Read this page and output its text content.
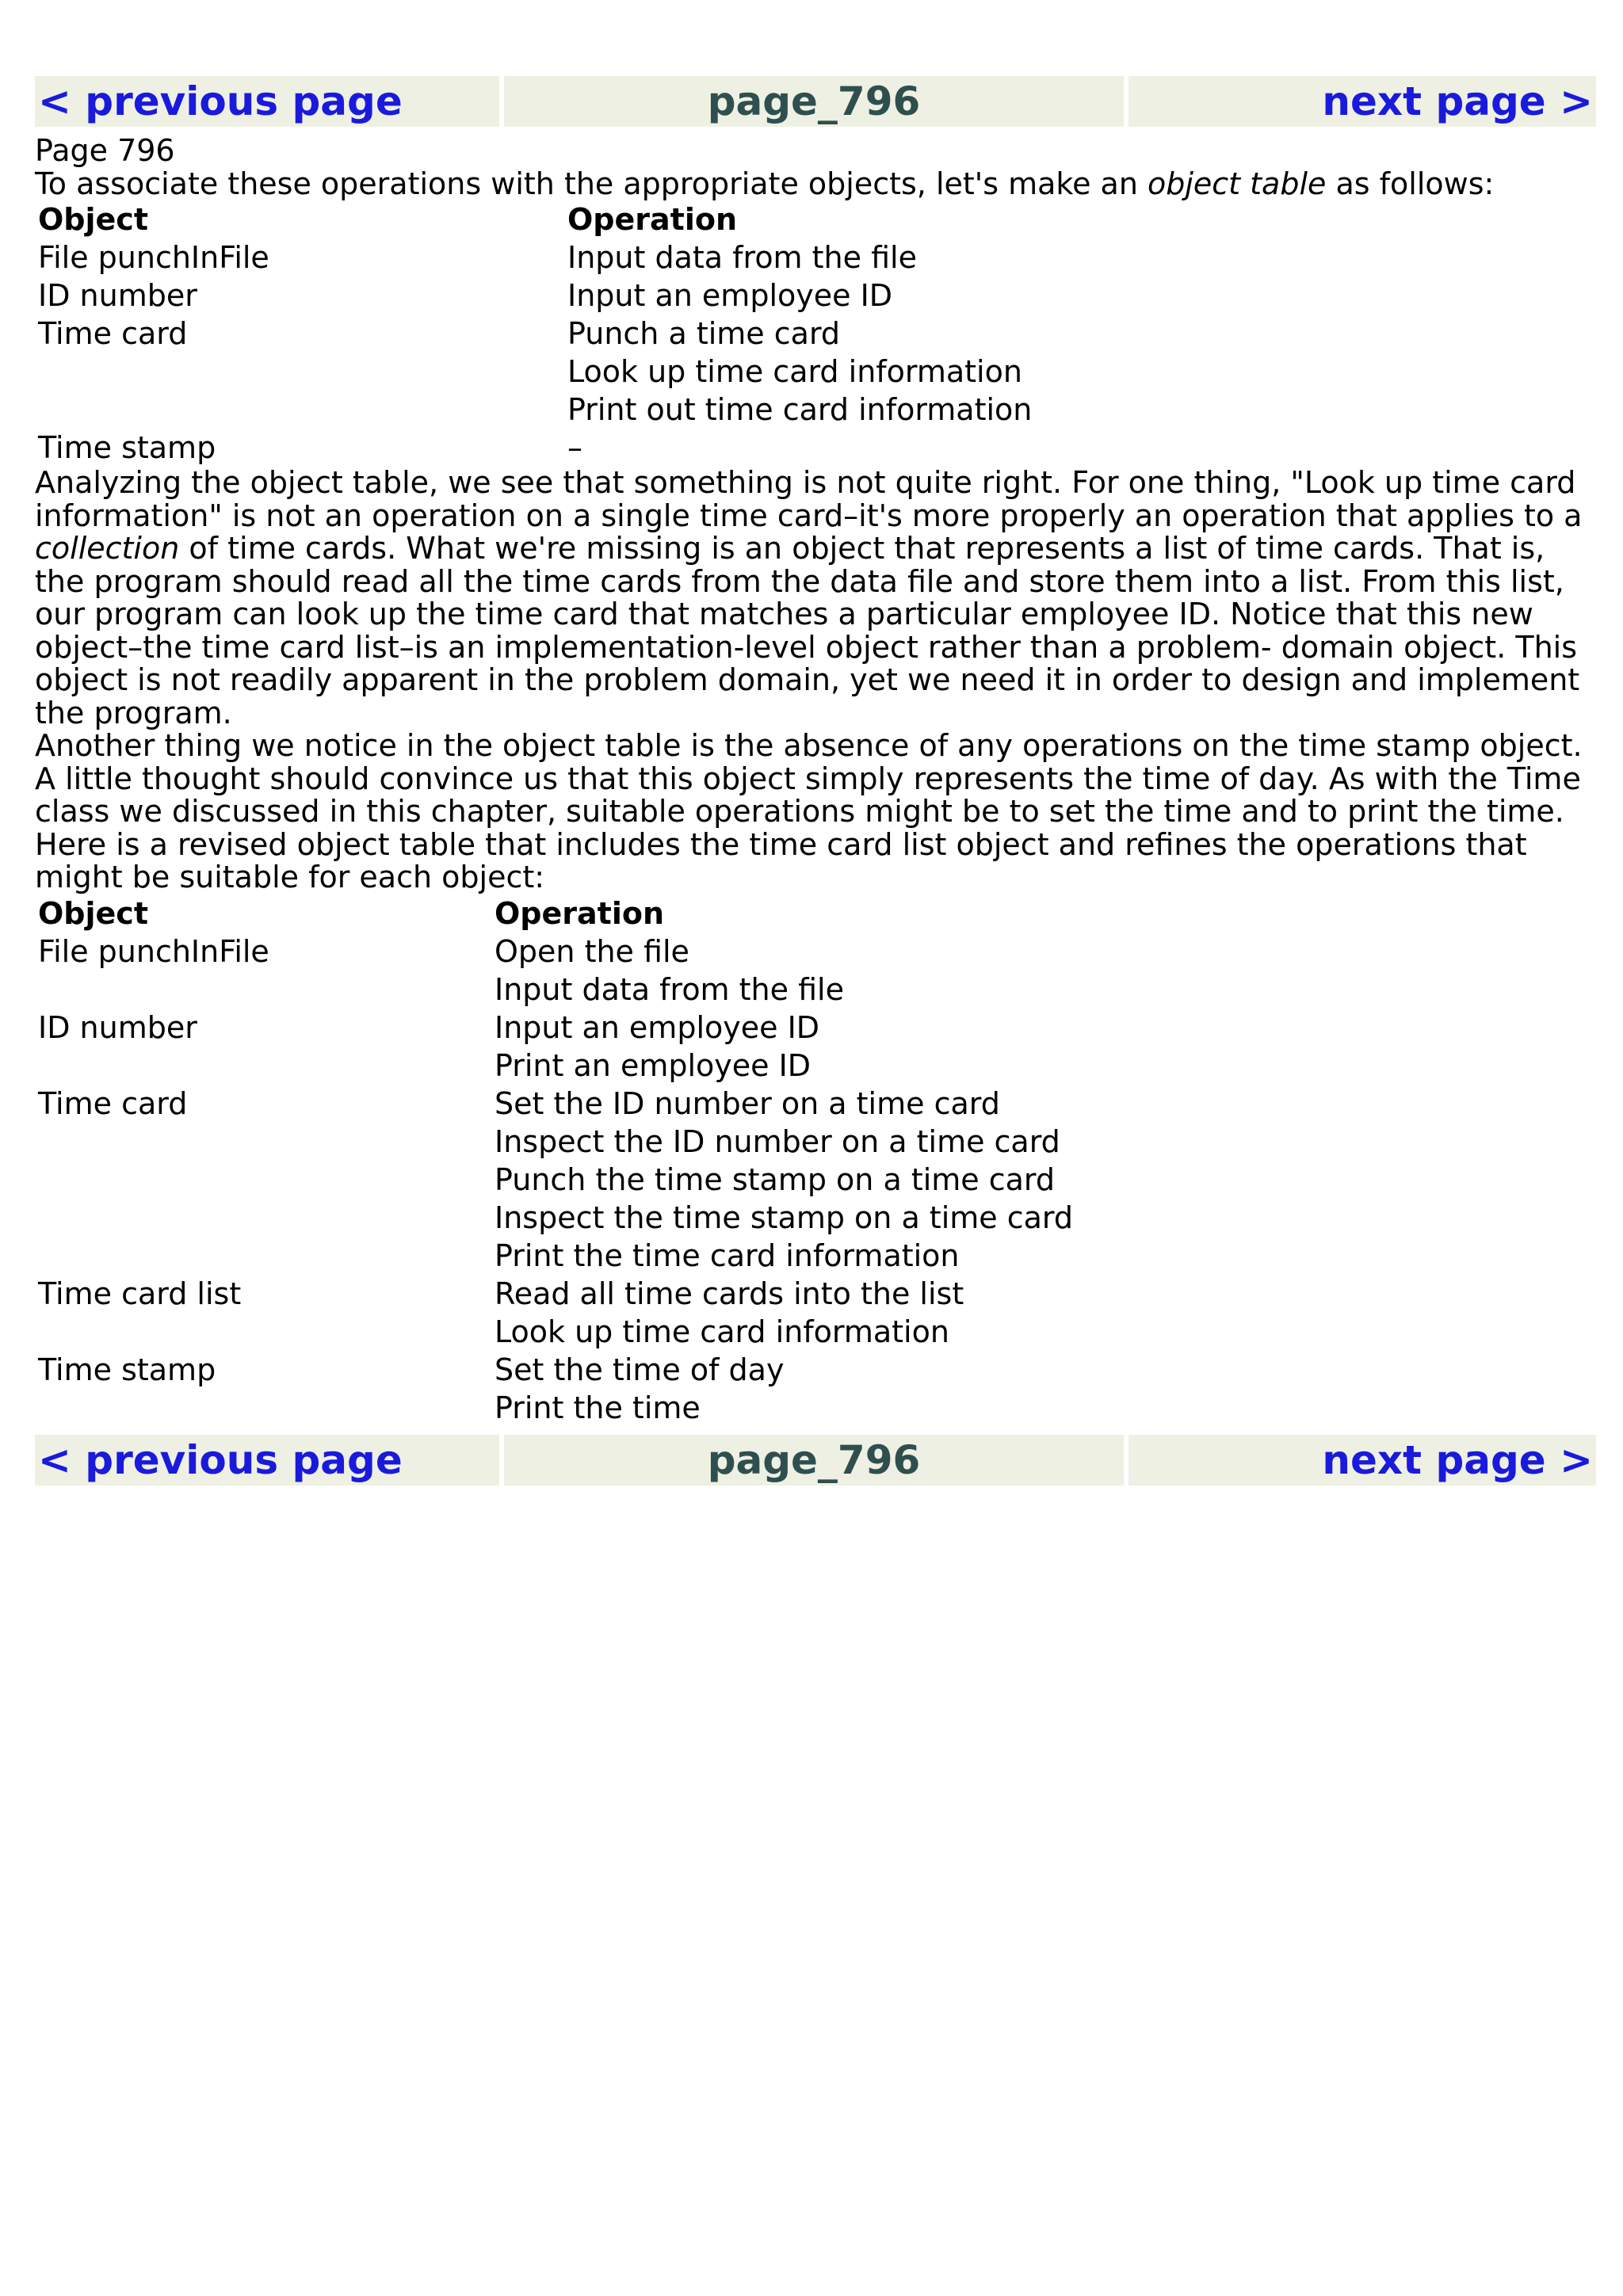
< previous page	page_796	next page >
Page 796
To associate these operations with the appropriate objects, let's make an object table as follows:
Object	Operation
File punchInFile	Input data from the file
ID number	Input an employee ID
Time card	Punch a time card
	Look up time card information
	Print out time card information
Time stamp	–
Analyzing the object table, we see that something is not quite right. For one thing, "Look up time card information" is not an operation on a single time card–it's more properly an operation that applies to a collection of time cards. What we're missing is an object that represents a list of time cards. That is, the program should read all the time cards from the data file and store them into a list. From this list, our program can look up the time card that matches a particular employee ID. Notice that this new object–the time card list–is an implementation-level object rather than a problem- domain object. This object is not readily apparent in the problem domain, yet we need it in order to design and implement the program.
Another thing we notice in the object table is the absence of any operations on the time stamp object. A little thought should convince us that this object simply represents the time of day. As with the Time class we discussed in this chapter, suitable operations might be to set the time and to print the time.
Here is a revised object table that includes the time card list object and refines the operations that might be suitable for each object:
Object	Operation
File punchInFile	Open the file
	Input data from the file
ID number	Input an employee ID
	Print an employee ID
Time card	Set the ID number on a time card
	Inspect the ID number on a time card
	Punch the time stamp on a time card
	Inspect the time stamp on a time card
	Print the time card information
Time card list	Read all time cards into the list
	Look up time card information
Time stamp	Set the time of day
	Print the time
< previous page	page_796	next page >
